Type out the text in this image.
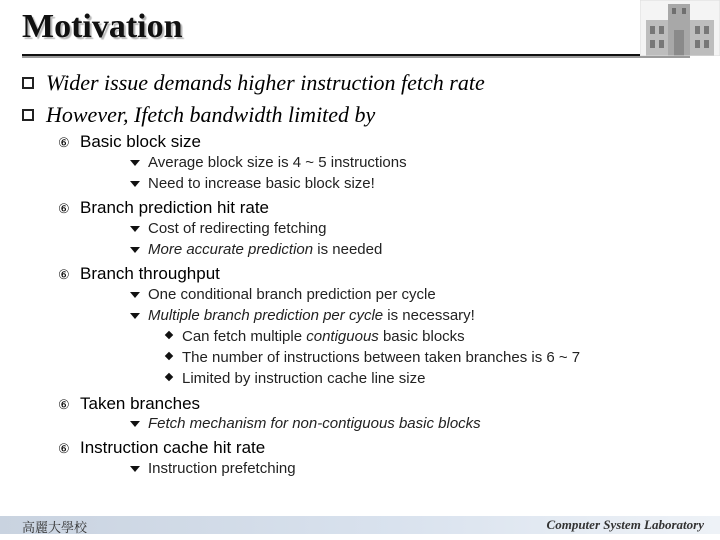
Motivation
Wider issue demands higher instruction fetch rate
However, Ifetch bandwidth limited by
⑥ Basic block size
Average block size is 4 ~ 5 instructions
Need to increase basic block size!
⑥ Branch prediction hit rate
Cost of redirecting fetching
More accurate prediction is needed
⑥ Branch throughput
One conditional branch prediction per cycle
Multiple branch prediction per cycle is necessary!
Can fetch multiple contiguous basic blocks
The number of instructions between taken branches is 6 ~ 7
Limited by instruction cache line size
⑥ Taken branches
Fetch mechanism for non-contiguous basic blocks
⑥ Instruction cache hit rate
Instruction prefetching
高麗大學校	Computer System Laboratory
